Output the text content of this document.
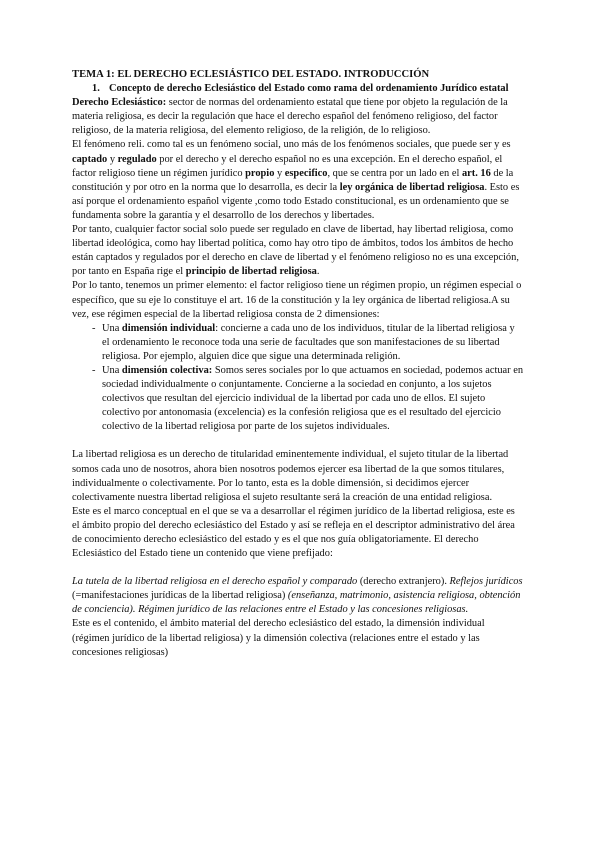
TEMA 1: EL DERECHO ECLESIÁSTICO DEL ESTADO. INTRODUCCIÓN

1. Concepto de derecho Eclesiástico del Estado como rama del ordenamiento Jurídico estatal

Derecho Eclesiástico: sector de normas del ordenamiento estatal que tiene por objeto la regulación de la materia religiosa, es decir la regulación que hace el derecho español del fenómeno religioso, del factor religioso, de la materia religiosa, del elemento religioso, de la religión, de lo religioso.

El fenómeno reli. como tal es un fenómeno social, uno más de los fenómenos sociales, que puede ser y es captado y regulado por el derecho y el derecho español no es una excepción. En el derecho español, el factor religioso tiene un régimen jurídico propio y especifico, que se centra por un lado en el art. 16 de la constitución y por otro en la norma que lo desarrolla, es decir la ley orgánica de libertad religiosa. Esto es así porque el ordenamiento español vigente ,como todo Estado constitucional, es un ordenamiento que se fundamenta sobre la garantía y el desarrollo de los derechos y libertades.

Por tanto, cualquier factor social solo puede ser regulado en clave de libertad, hay libertad religiosa, como libertad ideológica, como hay libertad política, como hay otro tipo de ámbitos, todos los ámbitos de hecho están captados y regulados por el derecho en clave de libertad y el fenómeno religioso no es una excepción, por tanto en España rige el principio de libertad religiosa.

Por lo tanto, tenemos un primer elemento: el factor religioso tiene un régimen propio, un régimen especial o específico, que su eje lo constituye el art. 16 de la constitución y la ley orgánica de libertad religiosa.A su vez, ese régimen especial de la libertad religiosa consta de 2 dimensiones:

- Una dimensión individual: concierne a cada uno de los individuos, titular de la libertad religiosa y el ordenamiento le reconoce toda una serie de facultades que son manifestaciones de su libertad religiosa. Por ejemplo, alguien dice que sigue una determinada religión.
- Una dimensión colectiva: Somos seres sociales por lo que actuamos en sociedad, podemos actuar en sociedad individualmente o conjuntamente. Concierne a la sociedad en conjunto, a los sujetos colectivos que resultan del ejercicio individual de la libertad por cada uno de ellos. El sujeto colectivo por antonomasia (excelencia) es la confesión religiosa que es el resultado del ejercicio colectivo de la libertad religiosa por parte de los sujetos individuales.

La libertad religiosa es un derecho de titularidad eminentemente individual, el sujeto titular de la libertad somos cada uno de nosotros, ahora bien nosotros podemos ejercer esa libertad de la que somos titulares, individualmente o colectivamente. Por lo tanto, esta es la doble dimensión, si decidimos ejercer colectivamente nuestra libertad religiosa el sujeto resultante será la creación de una entidad religiosa.

Este es el marco conceptual en el que se va a desarrollar el régimen jurídico de la libertad religiosa, este es el ámbito propio del derecho eclesiástico del Estado y así se refleja en el descriptor administrativo del área de conocimiento derecho eclesiástico del estado y es el que nos guía obligatoriamente. El derecho Eclesiástico del Estado tiene un contenido que viene prefijado:

La tutela de la libertad religiosa en el derecho español y comparado (derecho extranjero). Reflejos jurídicos (=manifestaciones jurídicas de la libertad religiosa) (enseñanza, matrimonio, asistencia religiosa, obtención de conciencia). Régimen jurídico de las relaciones entre el Estado y las concesiones religiosas.

Este es el contenido, el ámbito material del derecho eclesiástico del estado, la dimensión individual (régimen jurídico de la libertad religiosa) y la dimensión colectiva (relaciones entre el estado y las concesiones religiosas)
